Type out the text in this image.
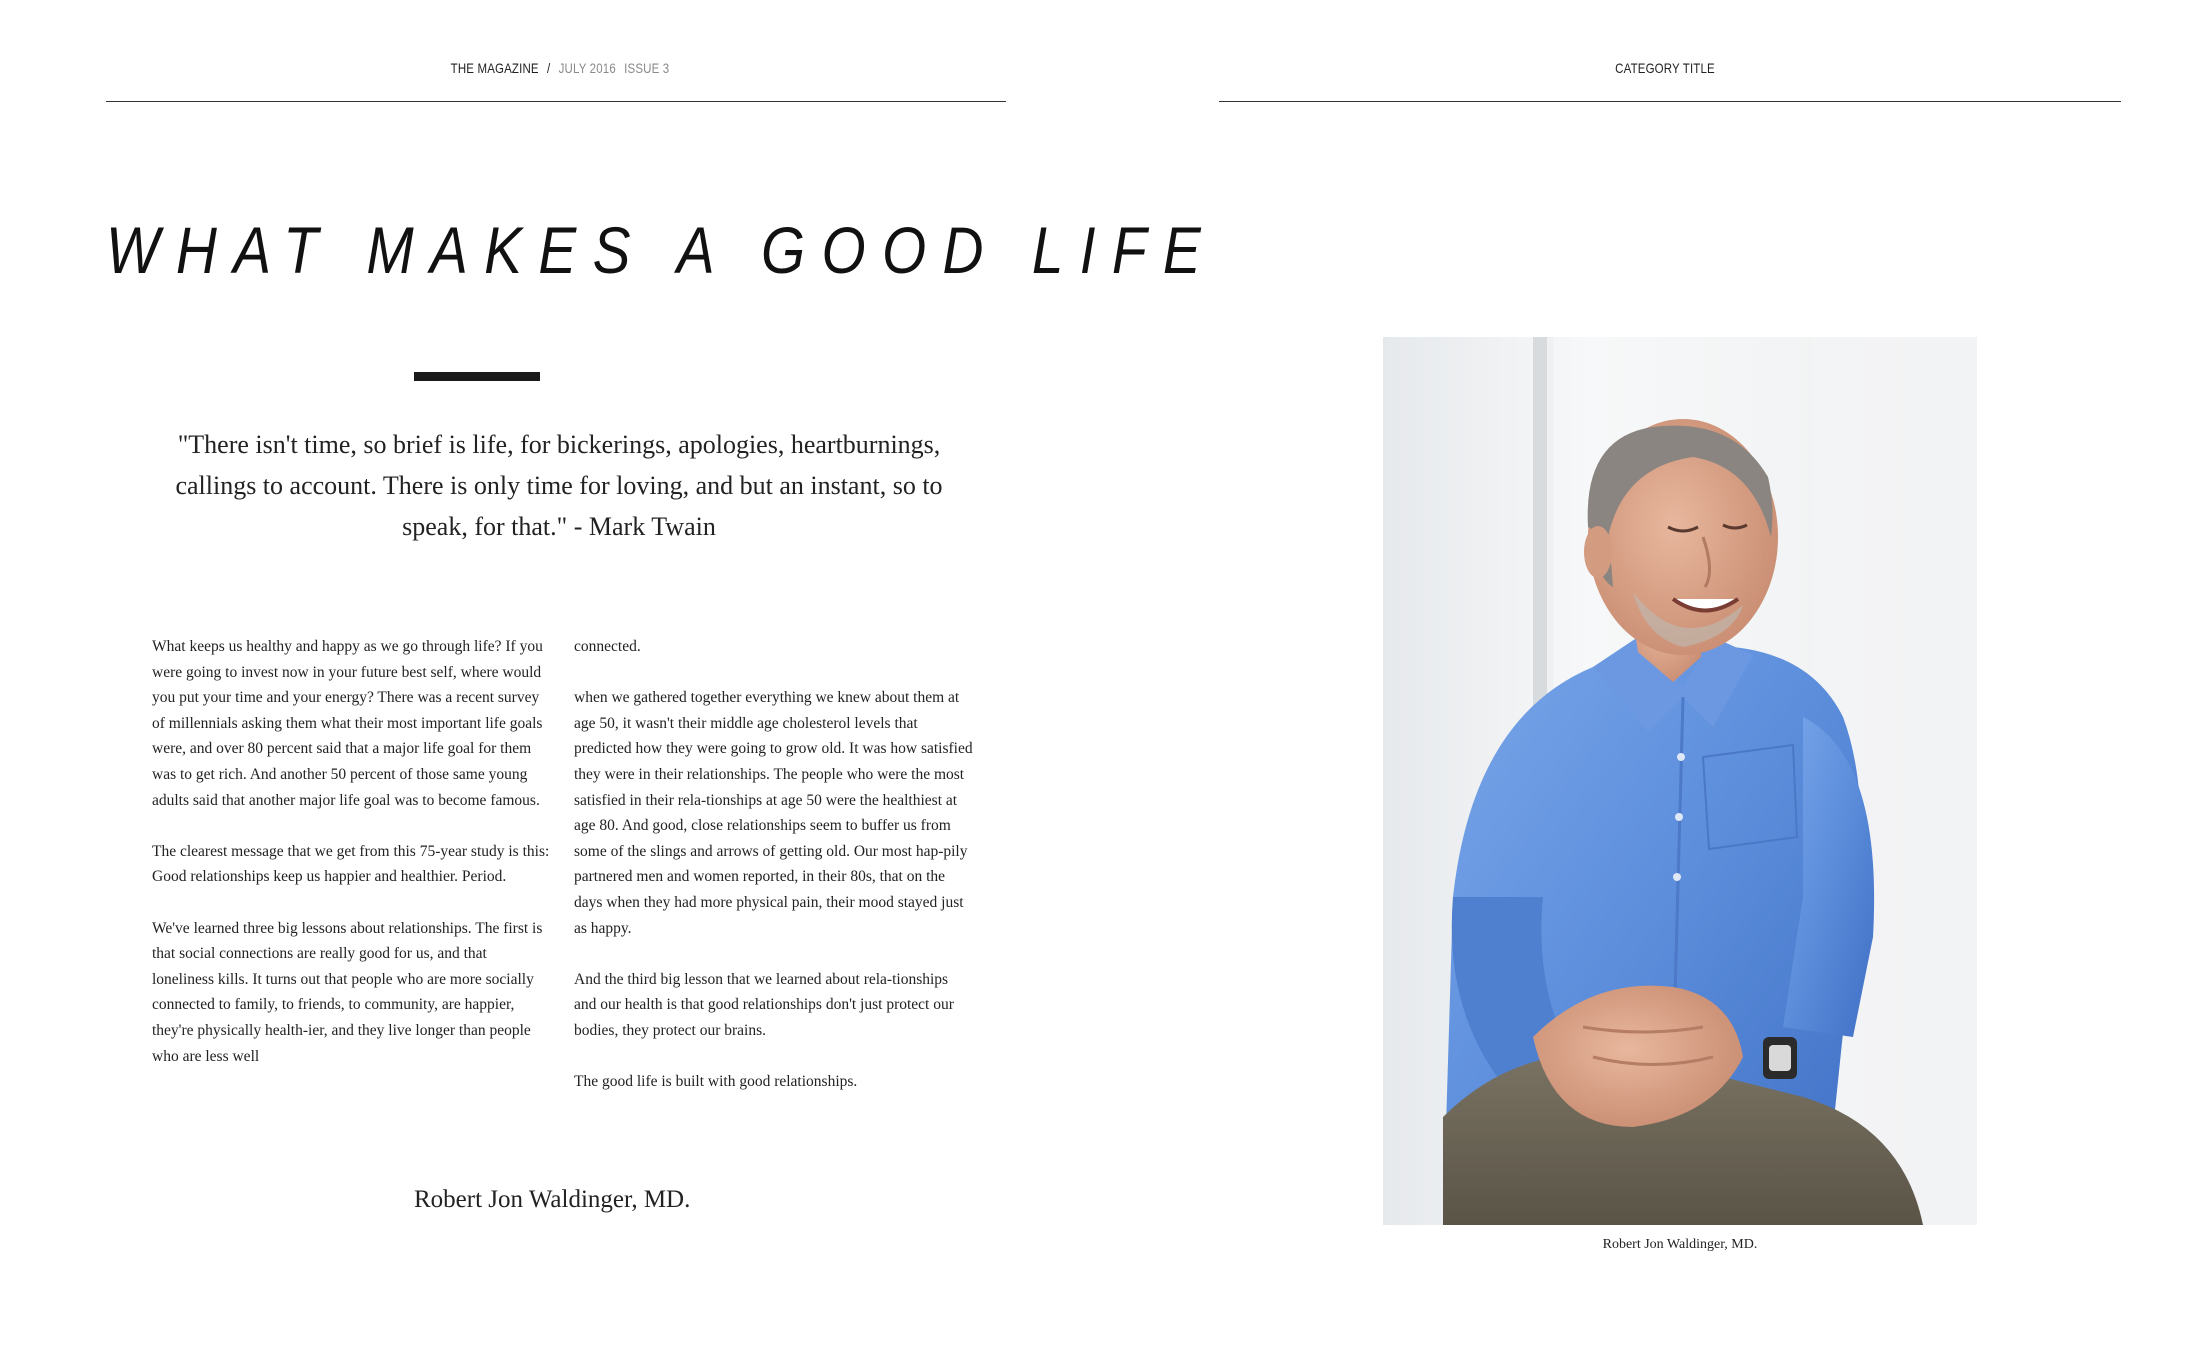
THE MAGAZINE / JULY 2016 ISSUE 3
WHAT MAKES A GOOD LIFE

"There isn't time, so brief is life, for bickerings, apologies, heartburnings, callings to account. There is only time for loving, and but an instant, so to speak, for that." - Mark Twain

What keeps us healthy and happy as we go through life? If you were going to invest now in your future best self, where would you put your time and your energy? There was a recent survey of millennials asking them what their most important life goals were, and over 80 percent said that a major life goal for them was to get rich. And another 50 percent of those same young adults said that another major life goal was to become famous.

The clearest message that we get from this 75-year study is this: Good relationships keep us happier and healthier. Period.

We've learned three big lessons about relationships. The first is that social connections are really good for us, and that loneliness kills. It turns out that people who are more socially connected to family, to friends, to community, are happier, they're physically health-ier, and they live longer than people who are less well

connected.

when we gathered together everything we knew about them at age 50, it wasn't their middle age cholesterol levels that predicted how they were going to grow old. It was how satisfied they were in their relationships. The people who were the most satisfied in their rela-tionships at age 50 were the healthiest at age 80. And good, close relationships seem to buffer us from some of the slings and arrows of getting old. Our most hap-pily partnered men and women reported, in their 80s, that on the days when they had more physical pain, their mood stayed just as happy.

And the third big lesson that we learned about rela-tionships and our health is that good relationships don't just protect our bodies, they protect our brains.

The good life is built with good relationships.

Robert Jon Waldinger, MD.
CATEGORY TITLE
Robert Jon Waldinger, MD.
